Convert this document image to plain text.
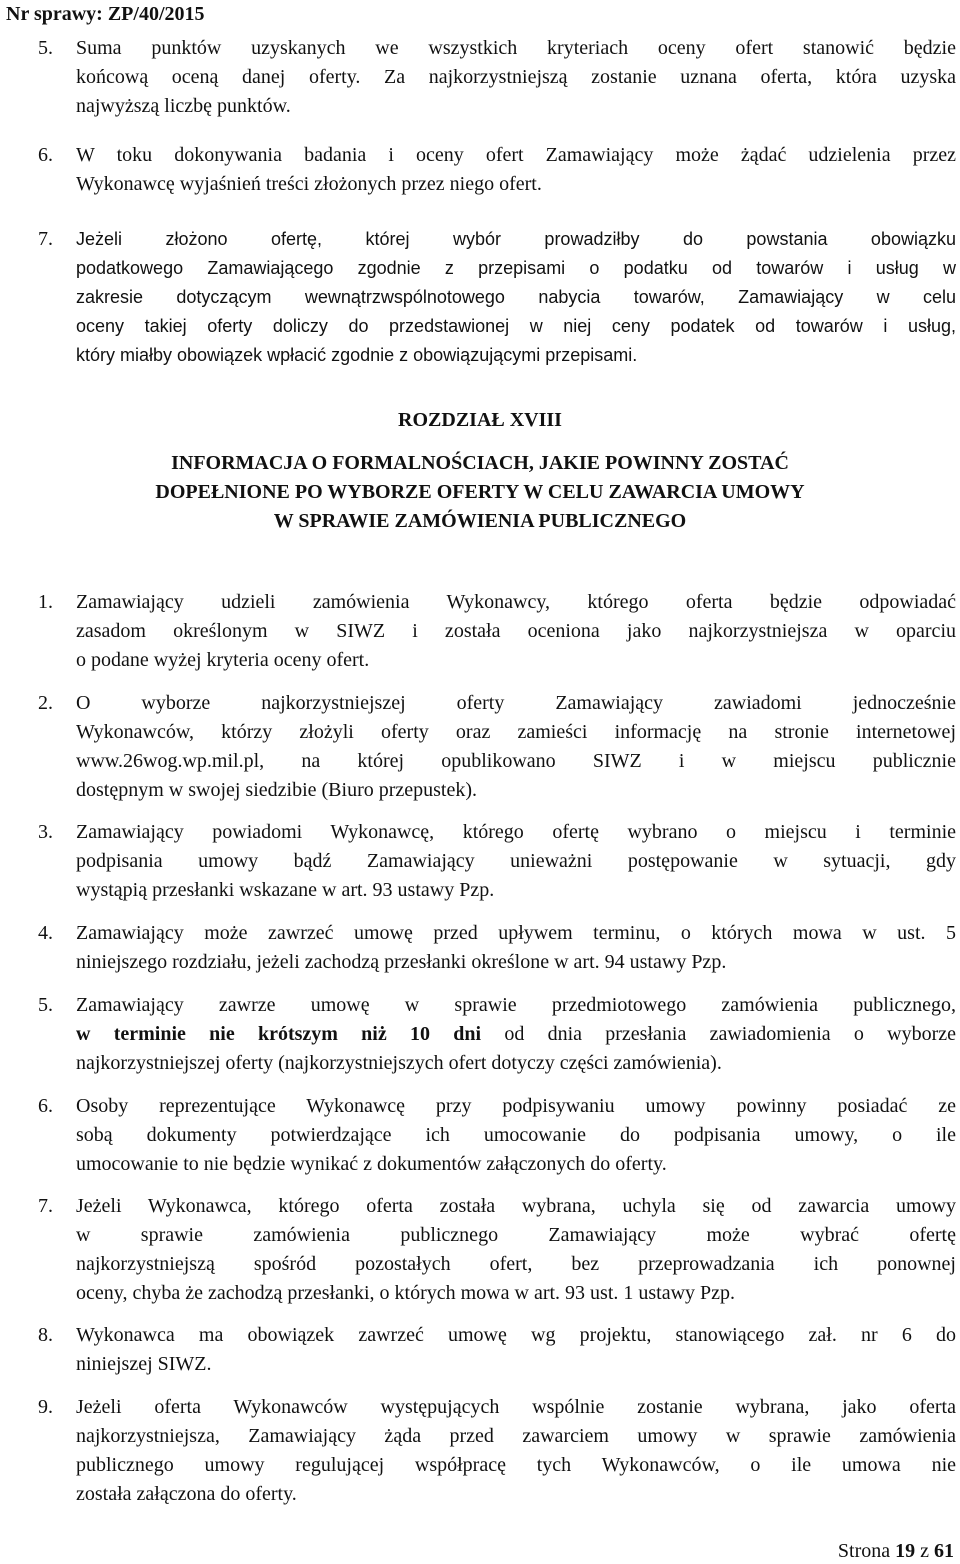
Nr sprawy: ZP/40/2015
5. Suma punktów uzyskanych we wszystkich kryteriach oceny ofert stanowić będzie
końcową oceną danej oferty. Za najkorzystniejszą zostanie uznana oferta, która uzyska
najwyższą liczbę punktów.
6. W toku dokonywania badania i oceny ofert Zamawiający może żądać udzielenia przez
Wykonawcę wyjaśnień treści złożonych przez niego ofert.
7. Jeżeli złożono ofertę, której wybór prowadziłby do powstania obowiązku
podatkowego Zamawiającego zgodnie z przepisami o podatku od towarów i usług w
zakresie dotyczącym wewnątrzwspólnotowego nabycia towarów, Zamawiający w celu
oceny takiej oferty doliczy do przedstawionej w niej ceny podatek od towarów i usług,
który miałby obowiązek wpłacić zgodnie z obowiązującymi przepisami.
ROZDZIAŁ XVIII
INFORMACJA O FORMALNOŚCIACH, JAKIE POWINNY ZOSTAĆ
DOPEŁNIONE PO WYBORZE OFERTY W CELU ZAWARCIA UMOWY
W SPRAWIE ZAMÓWIENIA PUBLICZNEGO
1. Zamawiający udzieli zamówienia Wykonawcy, którego oferta będzie odpowiadać
zasadom określonym w SIWZ i została oceniona jako najkorzystniejsza w oparciu
o podane wyżej kryteria oceny ofert.
2. O wyborze najkorzystniejszej oferty Zamawiający zawiadomi jednocześnie
Wykonawców, którzy złożyli oferty oraz zamieści informację na stronie internetowej
www.26wog.wp.mil.pl, na której opublikowano SIWZ i w miejscu publicznie
dostępnym w swojej siedzibie (Biuro przepustek).
3. Zamawiający powiadomi Wykonawcę, którego ofertę wybrano o miejscu i terminie
podpisania umowy bądź Zamawiający unieważni postępowanie w sytuacji, gdy
wystąpią przesłanki wskazane w art. 93 ustawy Pzp.
4. Zamawiający może zawrzeć umowę przed upływem terminu, o których mowa w ust. 5
niniejszego rozdziału, jeżeli zachodzą przesłanki określone w art. 94 ustawy Pzp.
5. Zamawiający zawrze umowę w sprawie przedmiotowego zamówienia publicznego,
w terminie nie krótszym niż 10 dni od dnia przesłania zawiadomienia o wyborze
najkorzystniejszej oferty (najkorzystniejszych ofert dotyczy części zamówienia).
6. Osoby reprezentujące Wykonawcę przy podpisywaniu umowy powinny posiadać ze
sobą dokumenty potwierdzające ich umocowanie do podpisania umowy, o ile
umocowanie to nie będzie wynikać z dokumentów załączonych do oferty.
7. Jeżeli Wykonawca, którego oferta została wybrana, uchyla się od zawarcia umowy
w sprawie zamówienia publicznego Zamawiający może wybrać ofertę
najkorzystniejszą spośród pozostałych ofert, bez przeprowadzania ich ponownej
oceny, chyba że zachodzą przesłanki, o których mowa w art. 93 ust. 1 ustawy Pzp.
8. Wykonawca ma obowiązek zawrzeć umowę wg projektu, stanowiącego zał. nr 6 do
niniejszej SIWZ.
9. Jeżeli oferta Wykonawców występujących wspólnie zostanie wybrana, jako oferta
najkorzystniejsza, Zamawiający żąda przed zawarciem umowy w sprawie zamówienia
publicznego umowy regulującej współpracę tych Wykonawców, o ile umowa nie
została załączona do oferty.
Strona 19 z 61
